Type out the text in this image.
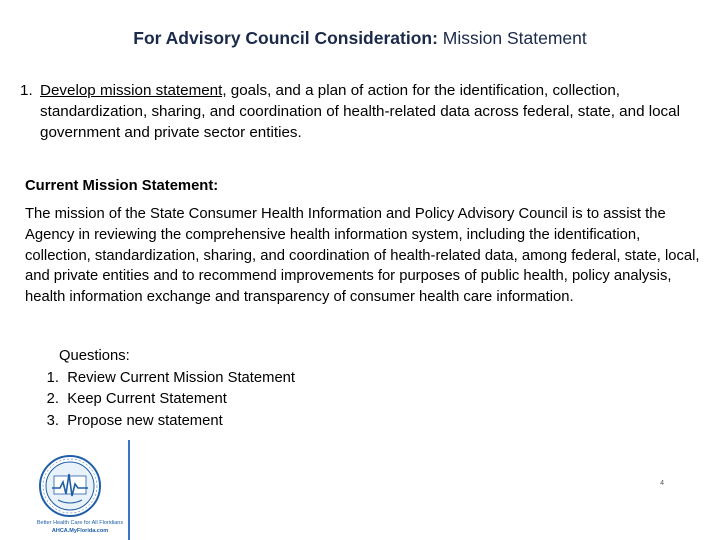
For Advisory Council Consideration: Mission Statement
1. Develop mission statement, goals, and a plan of action for the identification, collection, standardization, sharing, and coordination of health-related data across federal, state, and local government and private sector entities.
Current Mission Statement:
The mission of the State Consumer Health Information and Policy Advisory Council is to assist the Agency in reviewing the comprehensive health information system, including the identification, collection, standardization, sharing, and coordination of health-related data, among federal, state, local, and private entities and to recommend improvements for purposes of public health, policy analysis, health information exchange and transparency of consumer health care information.
Questions:
1.
Review Current Mission Statement
2.
Keep Current Statement
3.
Propose new statement
Better Health Care for All Floridians
AHCA.MyFlorida.com
4
